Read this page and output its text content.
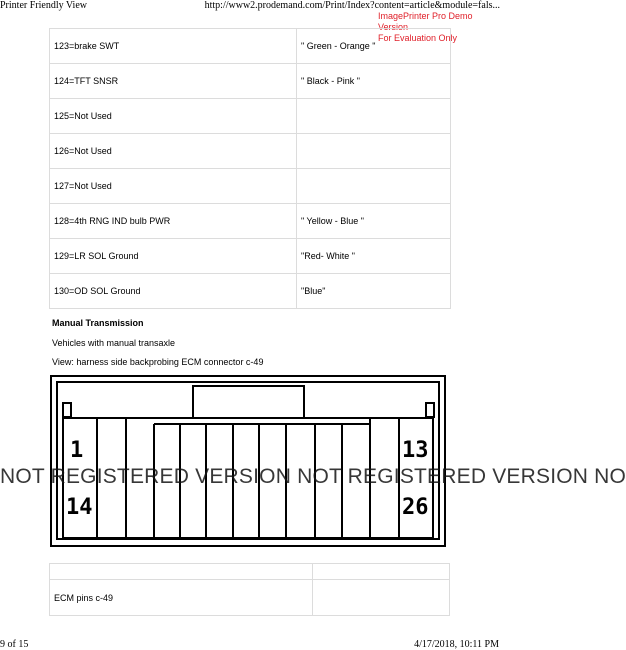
Printer Friendly View	http://www2.prodemand.com/Print/Index?content=article&module=fals...
ImagePrinter Pro Demo Version
For Evaluation Only
123=brake SWT	" Green - Orange "
124=TFT SNSR	" Black - Pink "
125=Not Used	
126=Not Used	
127=Not Used	
128=4th RNG IND bulb PWR	" Yellow - Blue "
129=LR SOL Ground	"Red- White "
130=OD SOL Ground	"Blue"
Manual Transmission
Vehicles with manual transaxle
View: harness side backprobing ECM connector c-49
1	13
14	26
NOT REGISTERED VERSION NOT REGISTERED VERSION NO

ECM pins c-49	
9 of 15	4/17/2018, 10:11 PM
